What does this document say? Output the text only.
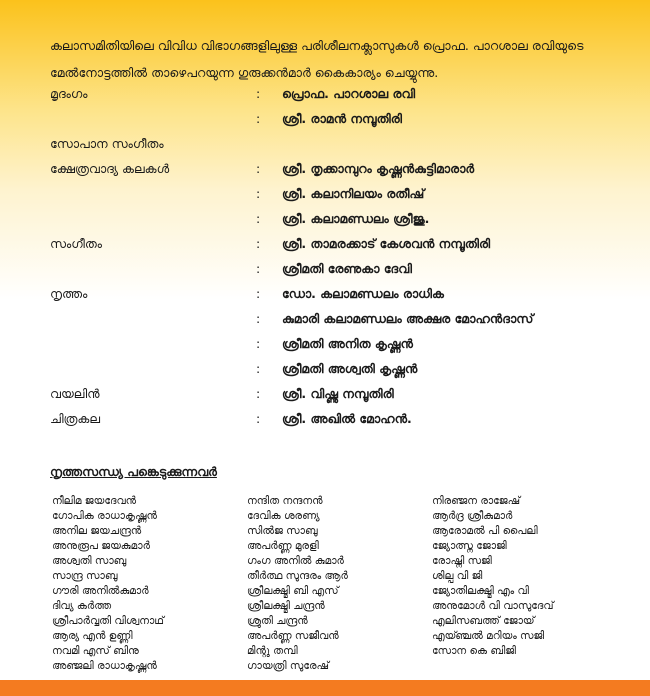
കലാസമിതിയിലെ വിവിധ വിഭാഗങ്ങളിലുള്ള പരിശീലനക്ലാസുകൾ പ്രൊഫ. പാറശാല രവിയുടെ മേൽനോട്ടത്തിൽ താഴെപറയുന്ന ഗുരുക്കൻമാർ കൈകാര്യം ചെയ്യുന്നു.
മൃദംഗം	: പ്രൊഫ. പാറശാല രവി
: ശ്രീ. രാമൻ നമ്പൂതിരി
സോപാന സംഗീതം
ക്ഷേത്രവാദ്യ കലകൾ	: ശ്രീ. തൃക്കാമ്പുറം കൃഷ്ണൻകുട്ടിമാരാർ
: ശ്രീ. കലാനിലയം രതീഷ്
: ശ്രീ. കലാമണ്ഡലം ശ്രീജു.
സംഗീതം	: ശ്രീ. താമരക്കാട് കേശവൻ നമ്പൂതിരി
: ശ്രീമതി രേണുകാ ദേവി
നൃത്തം	: ഡോ. കലാമണ്ഡലം രാധിക
: കുമാരി കലാമണ്ഡലം അക്ഷര മോഹൻദാസ്
: ശ്രീമതി അനിത കൃഷ്ണൻ
: ശ്രീമതി അശ്വതി കൃഷ്ണൻ
വയലിൻ	: ശ്രീ. വിഷ്ണു നമ്പൂതിരി
ചിത്രകല	: ശ്രീ. അഖിൽ മോഹൻ.
നൃത്തസന്ധ്യ പങ്കെടുക്കുന്നവർ
നീലിമ ജയദേവൻ
ഗോപിക രാധാകൃഷ്ണൻ
അനില ജയചന്ദ്രൻ
അനുരൂപ ജയകുമാർ
അശ്വതി സാബു
സാന്ദ്ര സാബു
ഗൗരി അനിൽകുമാർ
ദിവ്യ കർത്ത
ശ്രീപാർവ്വതി വിശ്വനാഥ്
ആര്യ എൻ ഉണ്ണി
നവമി എസ് ബിനു
അഞ്ജലി രാധാകൃഷ്ണൻ
നന്ദിത നന്ദനൻ
ദേവിക ശരണ്യ
സിൽജ സാബു
അപർണ്ണ മുരളി
ഗംഗ അനിൽ കുമാർ
തീർത്ഥ സുന്ദരം ആർ
ശ്രീലക്ഷ്മി ബി എസ്
ശ്രീലക്ഷ്മി ചന്ദ്രൻ
ശ്രുതി ചന്ദ്രൻ
അപർണ്ണ സജീവൻ
മിന്റു തമ്പി
ഗായത്രി സുരേഷ്
നിരഞ്ജന രാജേഷ്
ആർദ്ര ശ്രീകുമാർ
ആരോമൽ പി പൈലി
ജ്യോത്സ്ന ജോജി
രോഷ്നി സജി
ശില്പ വി ജി
ജ്യോതിലക്ഷ്മി എം വി
അനുമോൾ വി വാസുദേവ്
എലിസബത്ത് ജോയ്
എയ്ഞ്ചൽ മറിയം സജി
സോന കെ ബിജി
